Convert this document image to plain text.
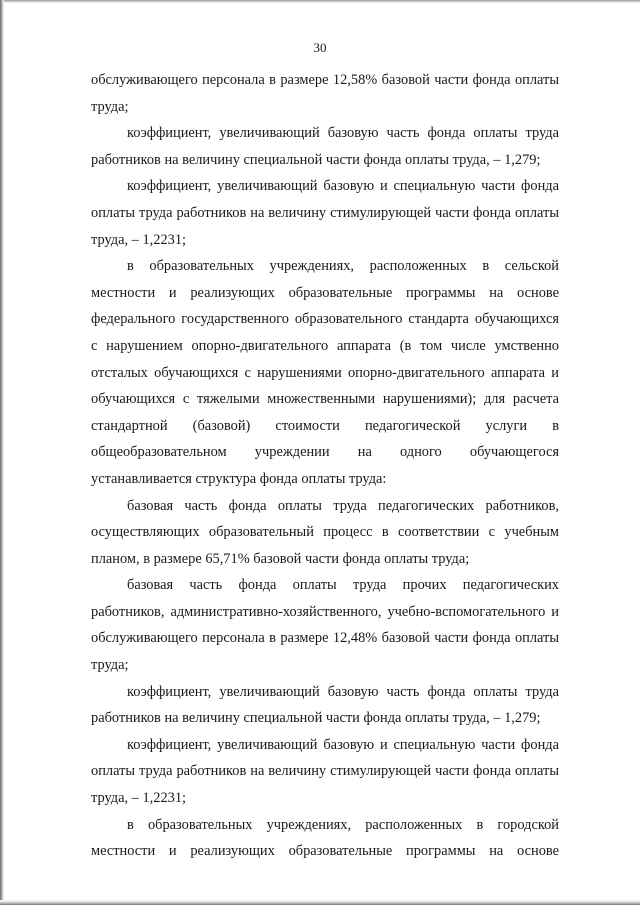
30

обслуживающего персонала в размере 12,58% базовой части фонда оплаты труда;

коэффициент, увеличивающий базовую часть фонда оплаты труда работников на величину специальной части фонда оплаты труда, – 1,279;

коэффициент, увеличивающий базовую и специальную части фонда оплаты труда работников на величину стимулирующей части фонда оплаты труда, – 1,2231;

в образовательных учреждениях, расположенных в сельской местности и реализующих образовательные программы на основе федерального государственного образовательного стандарта обучающихся с нарушением опорно-двигательного аппарата (в том числе умственно отсталых обучающихся с нарушениями опорно-двигательного аппарата и обучающихся с тяжелыми множественными нарушениями); для расчета стандартной (базовой) стоимости педагогической услуги в общеобразовательном учреждении на одного обучающегося устанавливается структура фонда оплаты труда:

базовая часть фонда оплаты труда педагогических работников, осуществляющих образовательный процесс в соответствии с учебным планом, в размере 65,71% базовой части фонда оплаты труда;

базовая часть фонда оплаты труда прочих педагогических работников, административно-хозяйственного, учебно-вспомогательного и обслуживающего персонала в размере 12,48% базовой части фонда оплаты труда;

коэффициент, увеличивающий базовую часть фонда оплаты труда работников на величину специальной части фонда оплаты труда, – 1,279;

коэффициент, увеличивающий базовую и специальную части фонда оплаты труда работников на величину стимулирующей части фонда оплаты труда, – 1,2231;

в образовательных учреждениях, расположенных в городской местности и реализующих образовательные программы на основе
